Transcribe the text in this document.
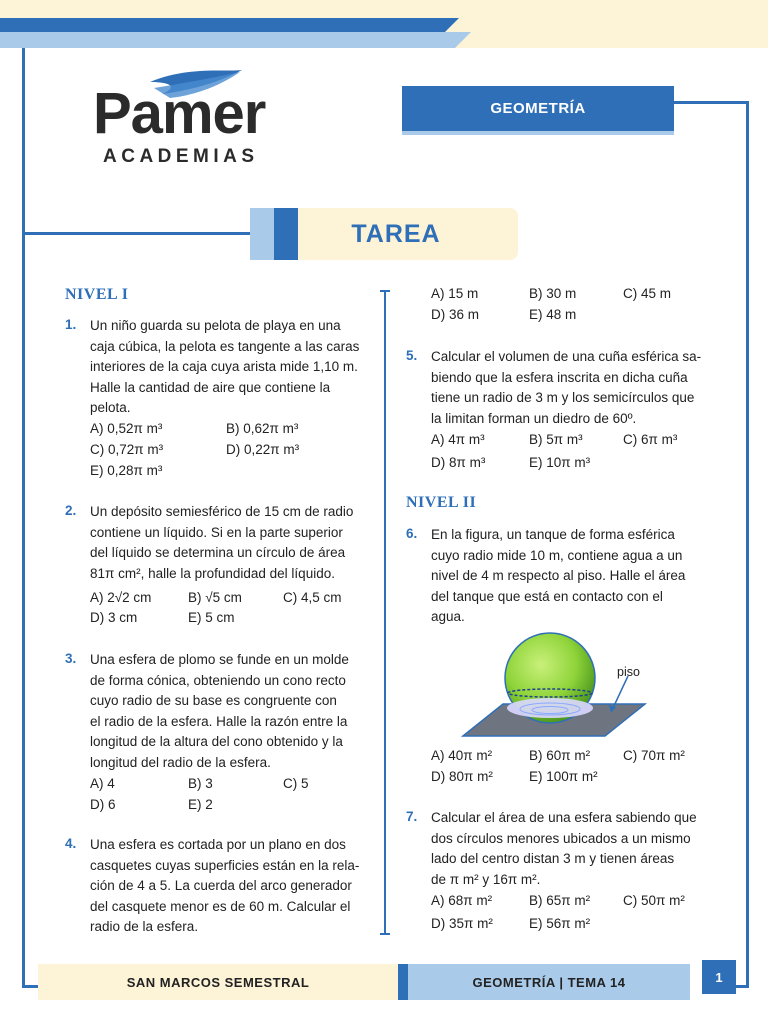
Pamer
ACADEMIAS
GEOMETRÍA
TAREA
NIVEL I
1. Un niño guarda su pelota de playa en una
caja cúbica, la pelota es tangente a las caras
interiores de la caja cuya arista mide 1,10 m.
Halle la cantidad de aire que contiene la
pelota.
A) 0,52π m³	B) 0,62π m³
C) 0,72π m³	D) 0,22π m³
E) 0,28π m³
2. Un depósito semiesférico de 15 cm de radio
contiene un líquido. Si en la parte superior
del líquido se determina un círculo de área
81π cm², halle la profundidad del líquido.
A) 2√2 cm	B) √5 cm	C) 4,5 cm
D) 3 cm	E) 5 cm
3. Una esfera de plomo se funde en un molde
de forma cónica, obteniendo un cono recto
cuyo radio de su base es congruente con
el radio de la esfera. Halle la razón entre la
longitud de la altura del cono obtenido y la
longitud del radio de la esfera.
A) 4	B) 3	C) 5
D) 6	E) 2
4. Una esfera es cortada por un plano en dos
casquetes cuyas superficies están en la rela-
ción de 4 a 5. La cuerda del arco generador
del casquete menor es de 60 m. Calcular el
radio de la esfera.
A) 15 m	B) 30 m	C) 45 m
D) 36 m	E) 48 m
5. Calcular el volumen de una cuña esférica sa-
biendo que la esfera inscrita en dicha cuña
tiene un radio de 3 m y los semicírculos que
la limitan forman un diedro de 60º.
A) 4π m³	B) 5π m³	C) 6π m³
D) 8π m³	E) 10π m³
NIVEL II
6. En la figura, un tanque de forma esférica
cuyo radio mide 10 m, contiene agua a un
nivel de 4 m respecto al piso. Halle el área
del tanque que está en contacto con el
agua.
piso
A) 40π m²	B) 60π m² C) 70π m²
D) 80π m²	E) 100π m²
7. Calcular el área de una esfera sabiendo que
dos círculos menores ubicados a un mismo
lado del centro distan 3 m y tienen áreas
de π m² y 16π m².
A) 68π m²	B) 65π m² C) 50π m²
D) 35π m²	E) 56π m²
SAN MARCOS SEMESTRAL	GEOMETRÍA | TEMA 14	1
